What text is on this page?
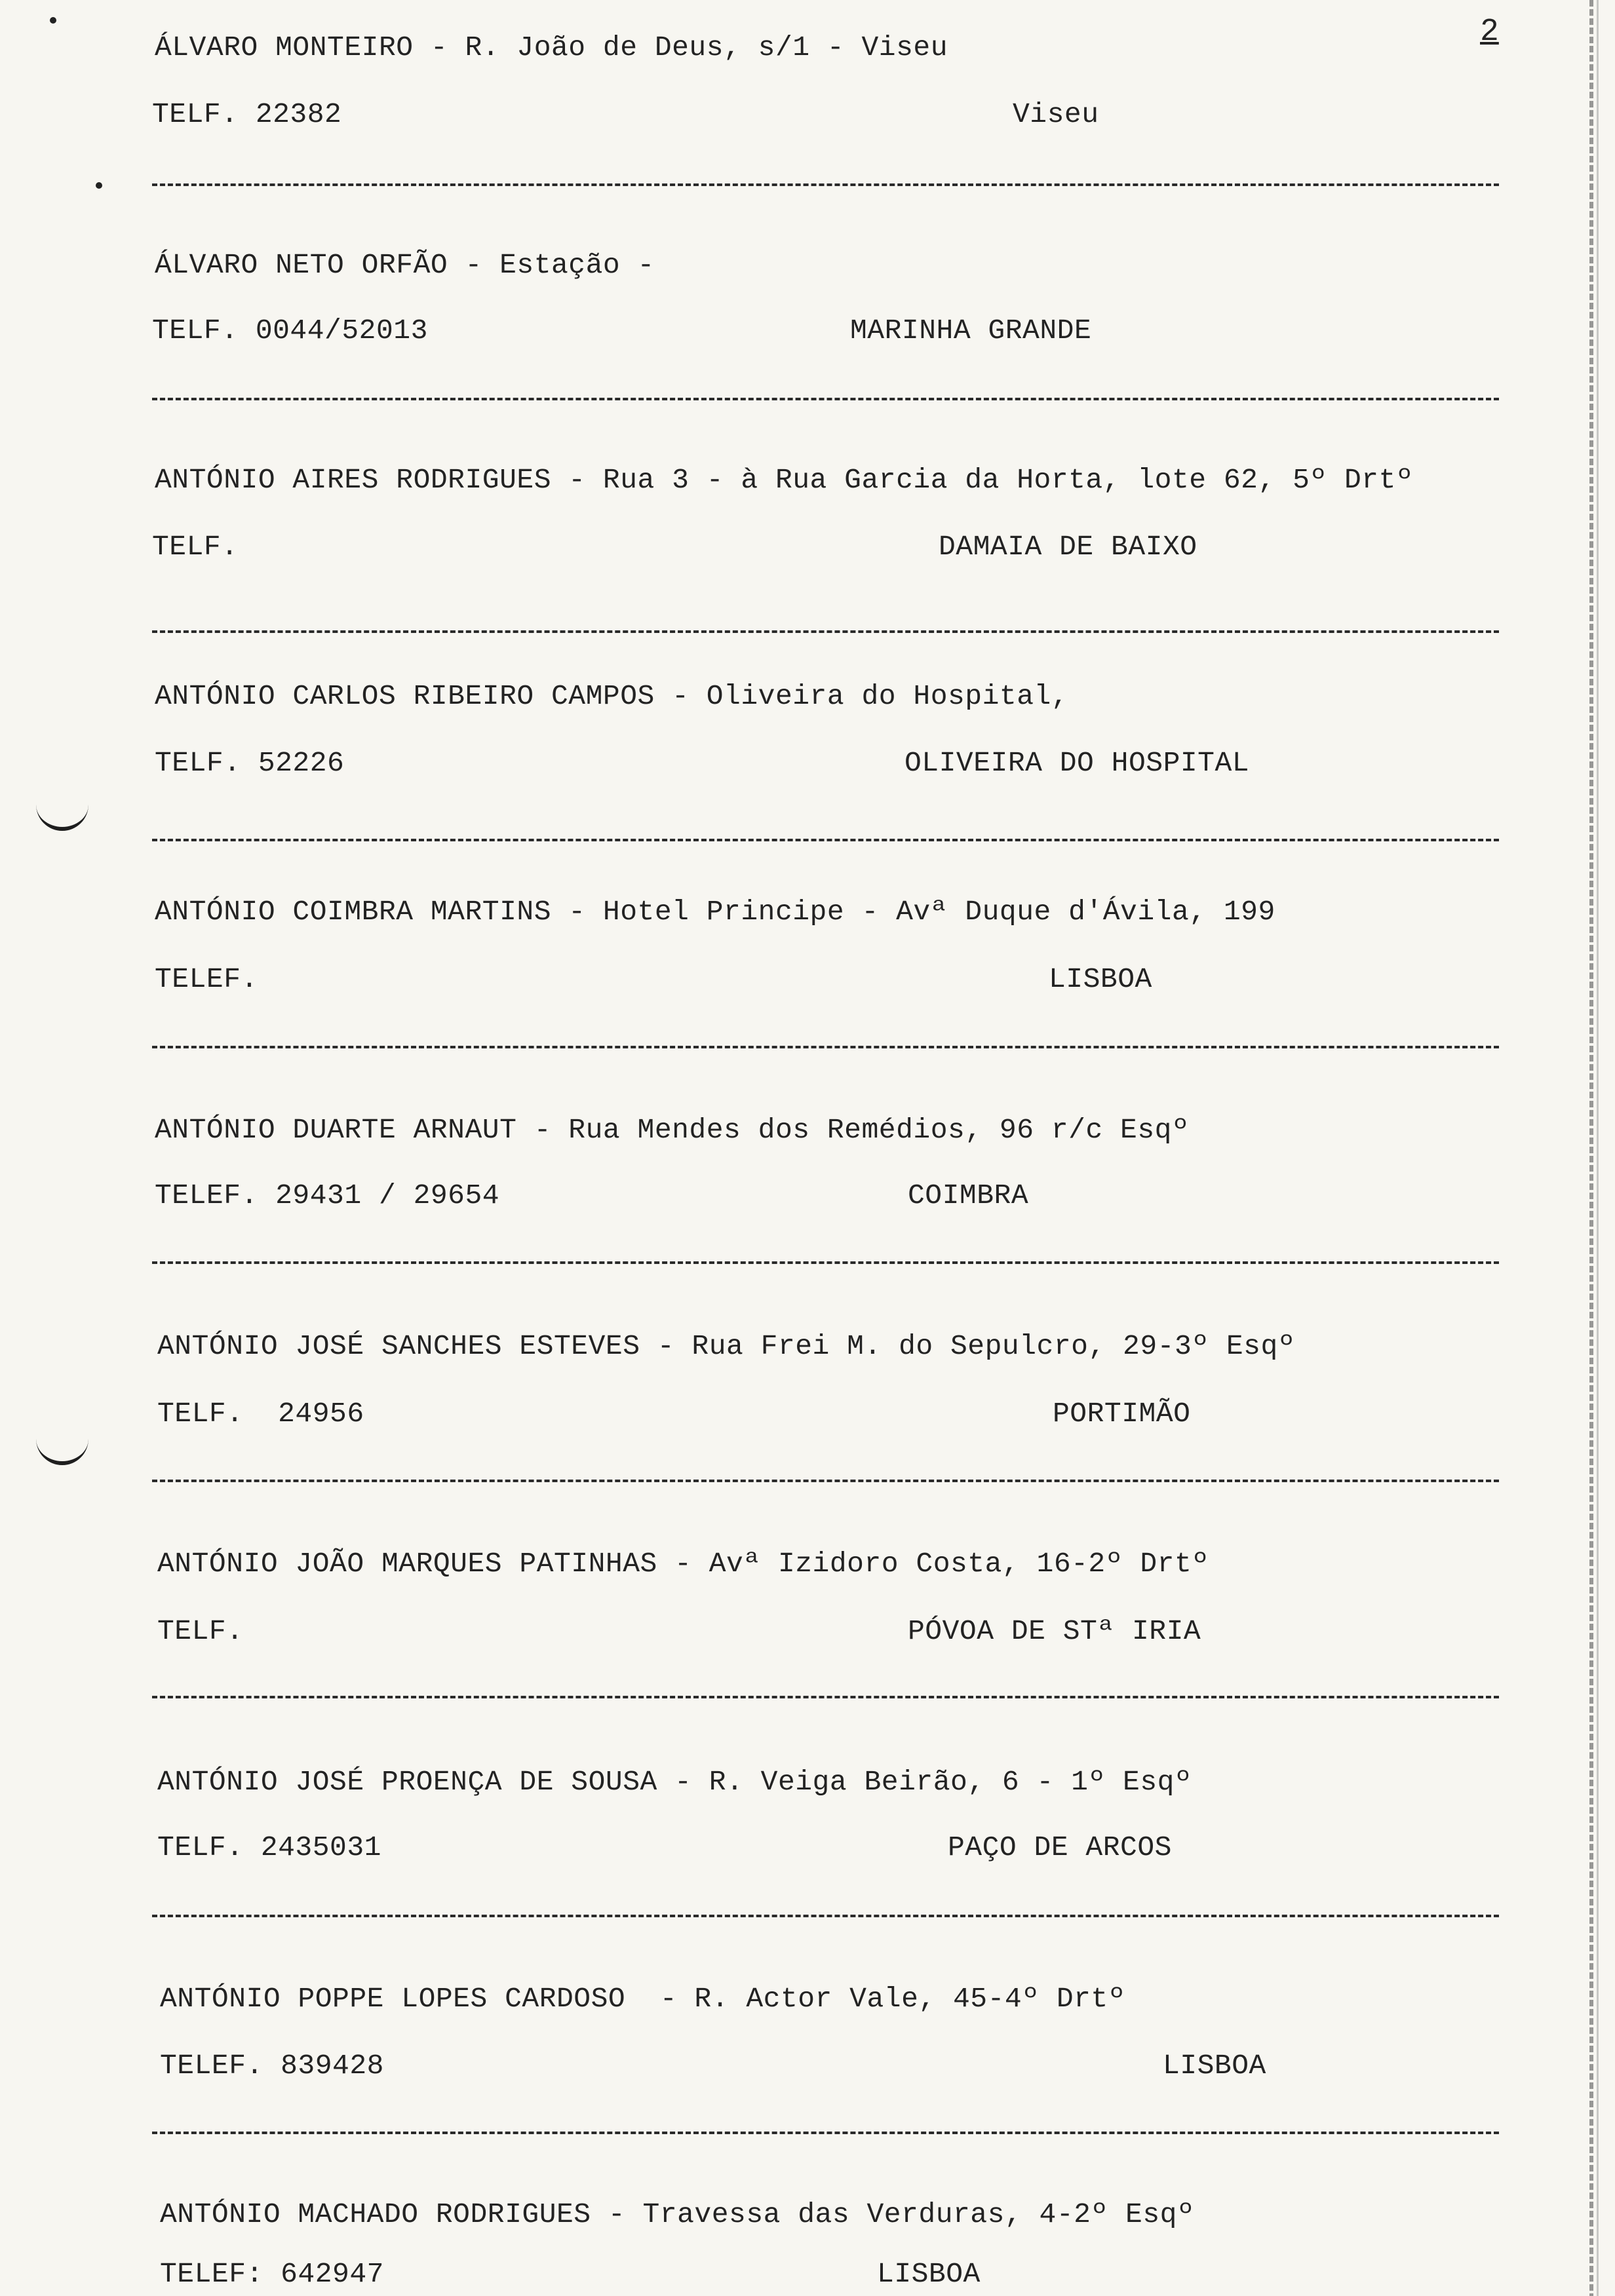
2
ÁLVARO MONTEIRO - R. João de Deus, s/1 - Viseu
TELF. 22382	Viseu
ÁLVARO NETO ORFÃO - Estação -
TELF. 0044/52013	MARINHA GRANDE
ANTÓNIO AIRES RODRIGUES - Rua 3 - à Rua Garcia da Horta, lote 62, 5º Drtº
TELF.	DAMAIA DE BAIXO
ANTÓNIO CARLOS RIBEIRO CAMPOS - Oliveira do Hospital,
TELF. 52226	OLIVEIRA DO HOSPITAL
ANTÓNIO COIMBRA MARTINS - Hotel Principe - Avª Duque d'Ávila, 199
TELEF.	LISBOA
ANTÓNIO DUARTE ARNAUT - Rua Mendes dos Remédios, 96 r/c Esqº
TELEF. 29431 / 29654	COIMBRA
ANTÓNIO JOSÉ SANCHES ESTEVES - Rua Frei M. do Sepulcro, 29-3º Esqº
TELF.  24956	PORTIMÃO
ANTÓNIO JOÃO MARQUES PATINHAS - Avª Izidoro Costa, 16-2º Drtº
TELF.	PÓVOA DE STª IRIA
ANTÓNIO JOSÉ PROENÇA DE SOUSA - R. Veiga Beirão, 6 - 1º Esqº
TELF. 2435031	PAÇO DE ARCOS
ANTÓNIO POPPE LOPES CARDOSO  - R. Actor Vale, 45-4º Drtº
TELEF. 839428	LISBOA
ANTÓNIO MACHADO RODRIGUES - Travessa das Verduras, 4-2º Esqº
TELEF: 642947	LISBOA
